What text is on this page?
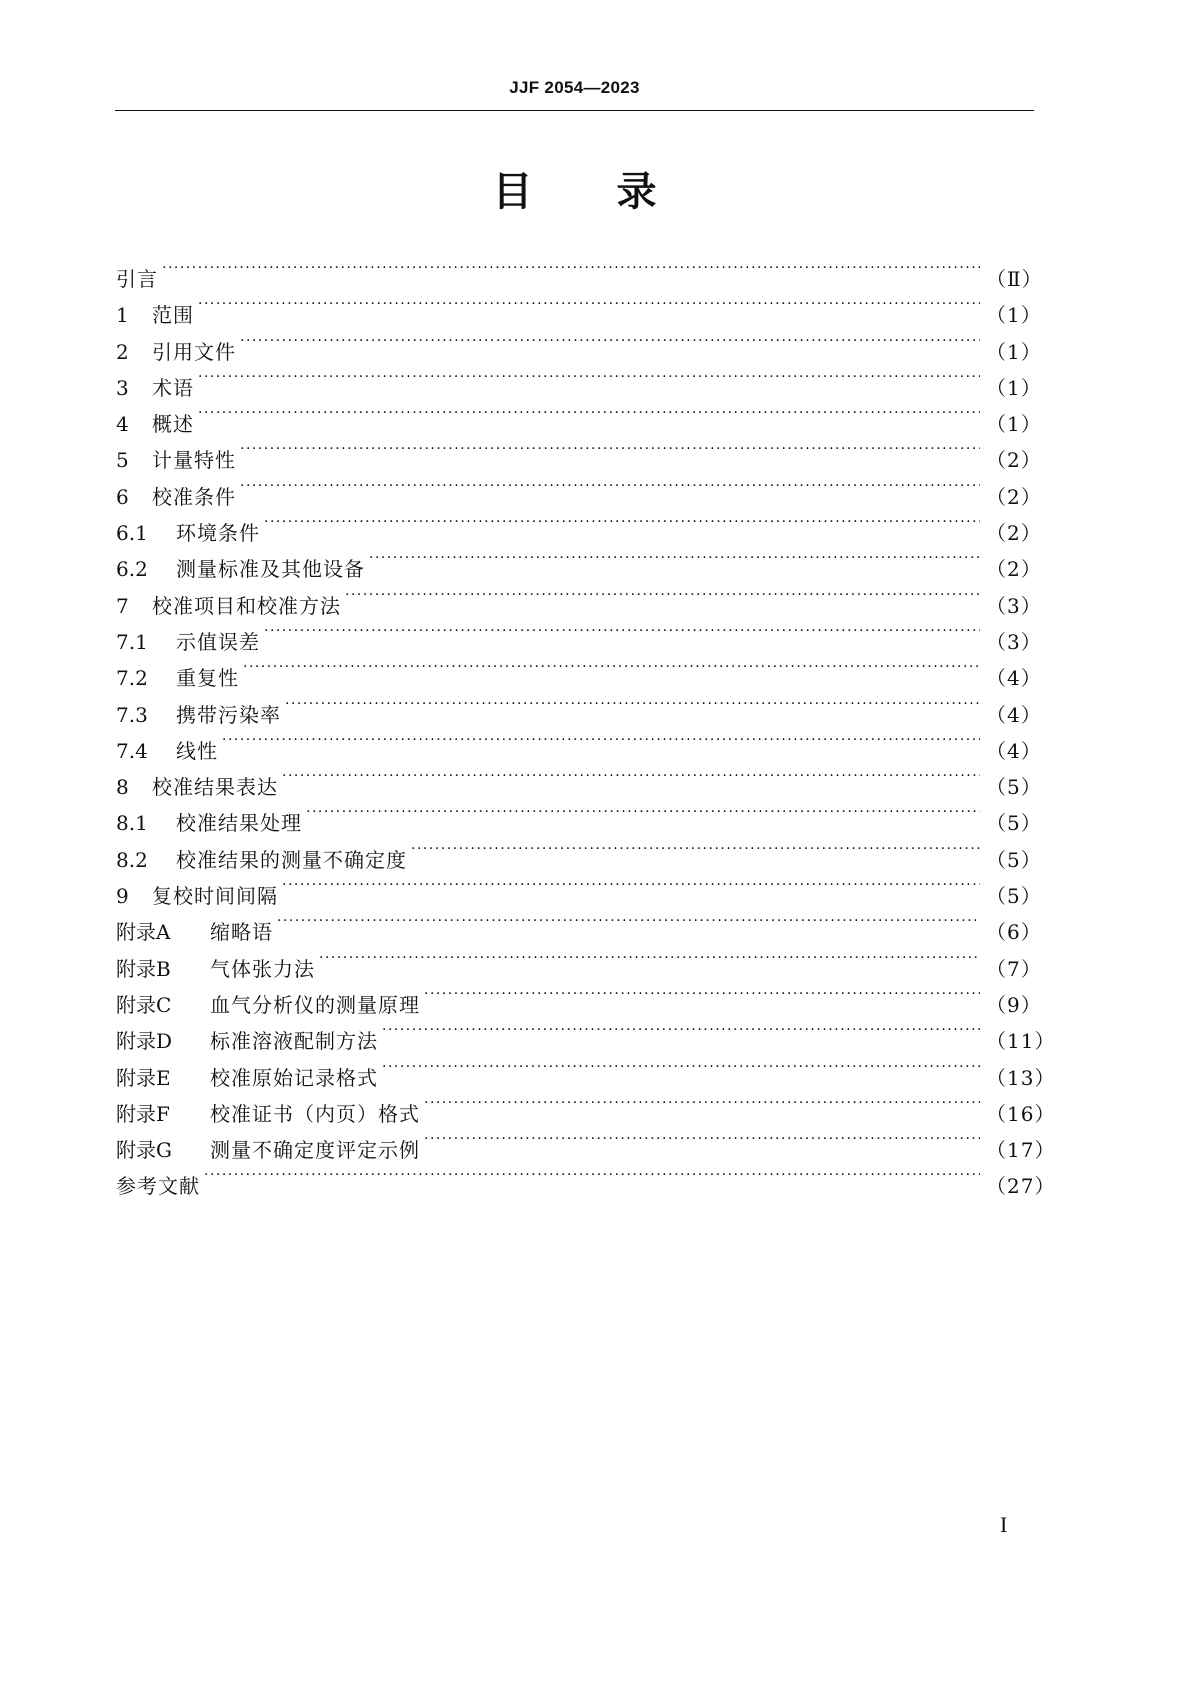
JJF 2054—2023
目 录
引言 ·····	（Ⅱ）
1	范围 ·····	（1）
2	引用文件 ·····	（1）
3	术语 ·····	（1）
4	概述 ·····	（1）
5	计量特性 ·····	（2）
6	校准条件 ·····	（2）
6.1	环境条件 ·····	（2）
6.2	测量标准及其他设备 ·····	（2）
7	校准项目和校准方法 ·····	（3）
7.1	示值误差 ·····	（3）
7.2	重复性 ·····	（4）
7.3	携带污染率 ·····	（4）
7.4	线性 ·····	（4）
8	校准结果表达 ·····	（5）
8.1	校准结果处理 ·····	（5）
8.2	校准结果的测量不确定度 ·····	（5）
9	复校时间间隔 ·····	（5）
附录A	缩略语 ·····	（6）
附录B	气体张力法 ·····	（7）
附录C	血气分析仪的测量原理 ·····	（9）
附录D	标准溶液配制方法 ·····	（11）
附录E	校准原始记录格式 ·····	（13）
附录F	校准证书（内页）格式 ·····	（16）
附录G	测量不确定度评定示例 ·····	（17）
参考文献 ·····	（27）
I
